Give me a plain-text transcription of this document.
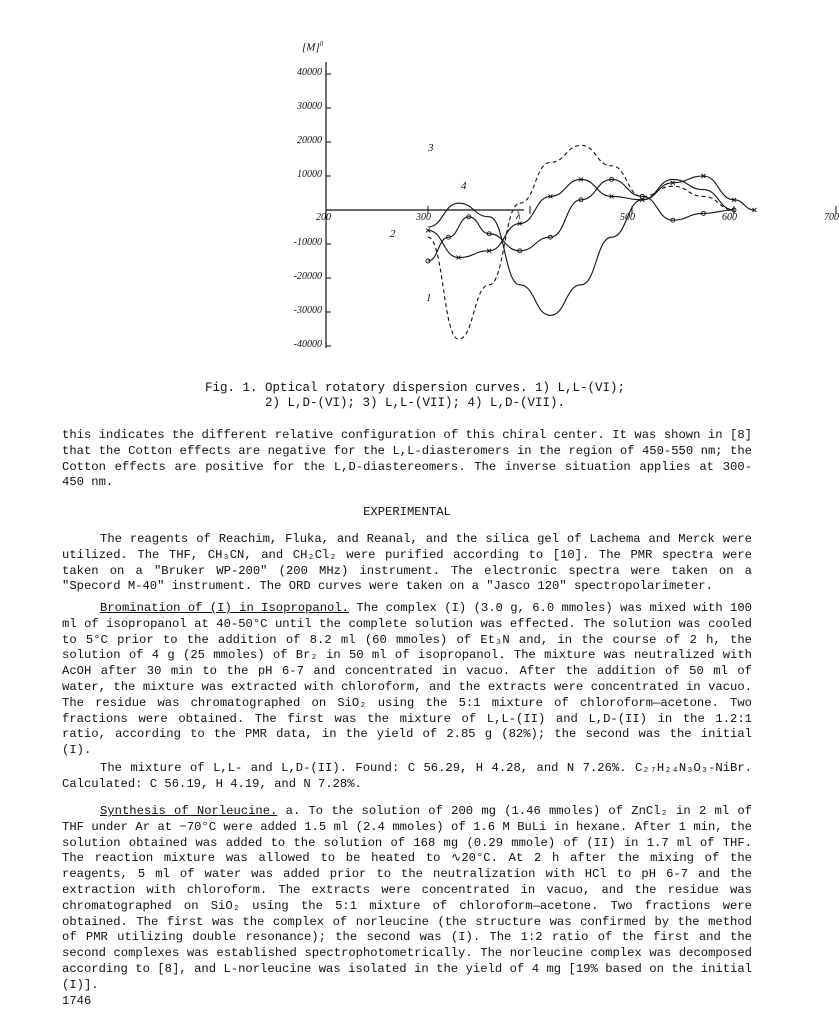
$[M]^0$
40000
30000
20000
10000
-10000
-20000
-30000
-40000
200	300	500	600	700
λ
1
2
3
4
Fig. 1. Optical rotatory dispersion curves. 1) L,L-(VI);
2) L,D-(VI); 3) L,L-(VII); 4) L,D-(VII).
this indicates the different relative configuration of this chiral center. It was shown in [8] that the Cotton effects are negative for the L,L-diasteromers in the region of 450-550 nm; the Cotton effects are positive for the L,D-diastereomers. The inverse situation applies at 300-450 nm.
EXPERIMENTAL
The reagents of Reachim, Fluka, and Reanal, and the silica gel of Lachema and Merck were utilized. The THF, CH₃CN, and CH₂Cl₂ were purified according to [10]. The PMR spectra were taken on a "Bruker WP-200" (200 MHz) instrument. The electronic spectra were taken on a "Specord M-40" instrument. The ORD curves were taken on a "Jasco 120" spectropolarimeter.
Bromination of (I) in Isopropanol. The complex (I) (3.0 g, 6.0 mmoles) was mixed with 100 ml of isopropanol at 40-50°C until the complete solution was effected. The solution was cooled to 5°C prior to the addition of 8.2 ml (60 mmoles) of Et₃N and, in the course of 2 h, the solution of 4 g (25 mmoles) of Br₂ in 50 ml of isopropanol. The mixture was neutralized with AcOH after 30 min to the pH 6-7 and concentrated in vacuo. After the addition of 50 ml of water, the mixture was extracted with chloroform, and the extracts were concentrated in vacuo. The residue was chromatographed on SiO₂ using the 5:1 mixture of chloroform—acetone. Two fractions were obtained. The first was the mixture of L,L-(II) and L,D-(II) in the 1.2:1 ratio, according to the PMR data, in the yield of 2.85 g (82%); the second was the initial (I).
The mixture of L,L- and L,D-(II). Found: C 56.29, H 4.28, and N 7.26%. C₂₇H₂₄N₃O₃-NiBr. Calculated: C 56.19, H 4.19, and N 7.28%.
Synthesis of Norleucine. a. To the solution of 200 mg (1.46 mmoles) of ZnCl₂ in 2 ml of THF under Ar at −70°C were added 1.5 ml (2.4 mmoles) of 1.6 M BuLi in hexane. After 1 min, the solution obtained was added to the solution of 168 mg (0.29 mmole) of (II) in 1.7 ml of THF. The reaction mixture was allowed to be heated to ∿20°C. At 2 h after the mixing of the reagents, 5 ml of water was added prior to the neutralization with HCl to pH 6-7 and the extraction with chloroform. The extracts were concentrated in vacuo, and the residue was chromatographed on SiO₂ using the 5:1 mixture of chloroform—acetone. Two fractions were obtained. The first was the complex of norleucine (the structure was confirmed by the method of PMR utilizing double resonance); the second was (I). The 1:2 ratio of the first and the second complexes was established spectrophotometrically. The norleucine complex was decomposed according to [8], and L-norleucine was isolated in the yield of 4 mg [19% based on the initial (I)].
1746
